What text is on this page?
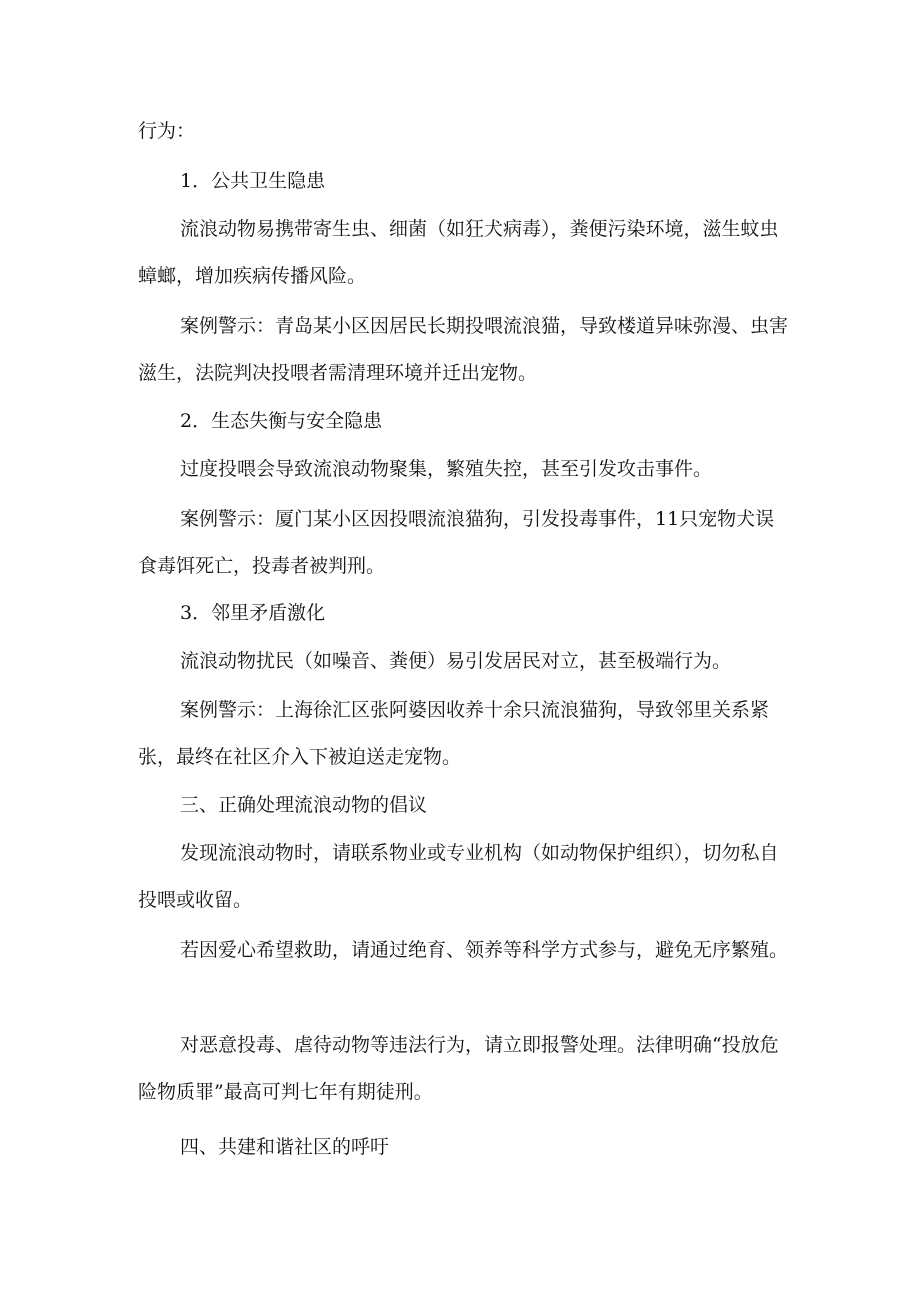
行为：

1．公共卫生隐患

流浪动物易携带寄生虫、细菌（如狂犬病毒），粪便污染环境，滋生蚊虫蟑螂，增加疾病传播风险。

案例警示：青岛某小区因居民长期投喂流浪猫，导致楼道异味弥漫、虫害滋生，法院判决投喂者需清理环境并迁出宠物。

2．生态失衡与安全隐患

过度投喂会导致流浪动物聚集，繁殖失控，甚至引发攻击事件。

案例警示：厦门某小区因投喂流浪猫狗，引发投毒事件，11只宠物犬误食毒饵死亡，投毒者被判刑。

3．邻里矛盾激化

流浪动物扰民（如噪音、粪便）易引发居民对立，甚至极端行为。

案例警示：上海徐汇区张阿婆因收养十余只流浪猫狗，导致邻里关系紧张，最终在社区介入下被迫送走宠物。

三、正确处理流浪动物的倡议

发现流浪动物时，请联系物业或专业机构（如动物保护组织），切勿私自投喂或收留。

若因爱心希望救助，请通过绝育、领养等科学方式参与，避免无序繁殖。

对恶意投毒、虐待动物等违法行为，请立即报警处理。法律明确“投放危险物质罪”最高可判七年有期徒刑。

四、共建和谐社区的呼吁
